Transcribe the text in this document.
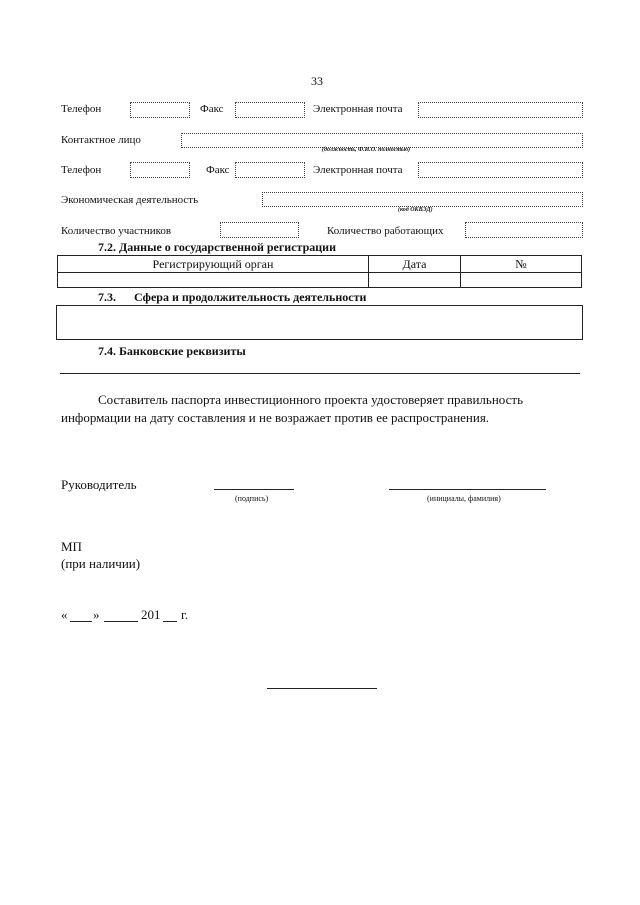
33
Телефон	Факс	Электронная почта
Контактное лицо
(должность, Ф.И.О. полностью)
Телефон	Факс	Электронная почта
Экономическая деятельность
(код ОКВЭД)
Количество участников	Количество работающих
7.2. Данные о государственной регистрации
Регистрирующий орган	Дата	№

7.3. Сфера и продолжительность деятельности
7.4. Банковские реквизиты
Составитель паспорта инвестиционного проекта удостоверяет правильность
информации на дату составления и не возражает против ее распространения.
Руководитель
(подпись)	(инициалы, фамилия)
МП
(при наличии)
« »	201 г.
